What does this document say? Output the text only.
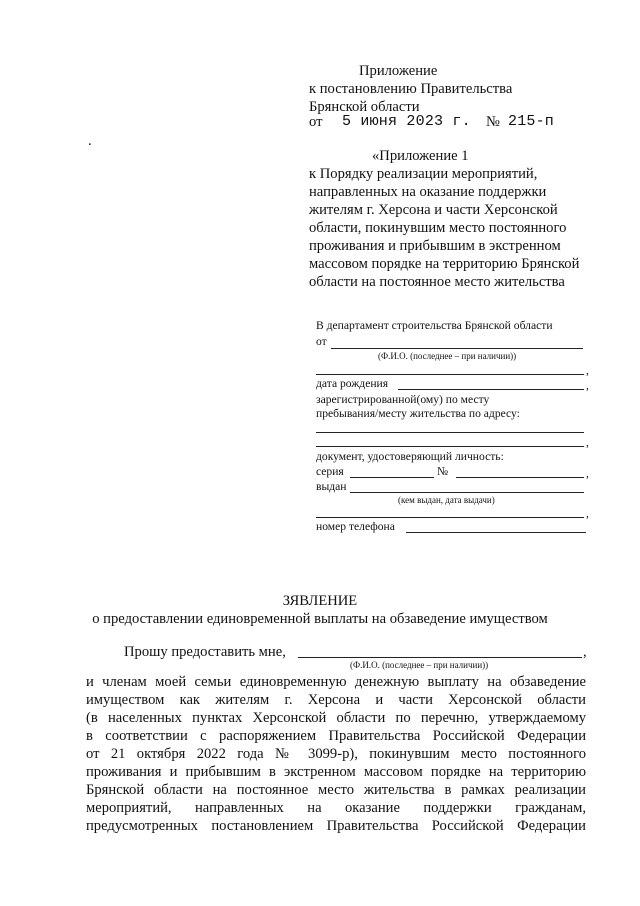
Приложение
к постановлению Правительства
Брянской области
от 5 июня 2023 г. № 215-п
.
«Приложение 1
к Порядку реализации мероприятий,
направленных на оказание поддержки
жителям г. Херсона и части Херсонской
области, покинувшим место постоянного
проживания и прибывшим в экстренном
массовом порядке на территорию Брянской
области на постоянное место жительства
В департамент строительства Брянской области
от
(Ф.И.О. (последнее – при наличии))
,
дата рождения	,
зарегистрированной(ому) по месту
пребывания/месту жительства по адресу:
,
документ, удостоверяющий личность:
серия	№	,
выдан
(кем выдан, дата выдачи)
,
номер телефона
ЗЯВЛЕНИЕ
о предоставлении единовременной выплаты на обзаведение имуществом
Прошу предоставить мне,	,
(Ф.И.О. (последнее – при наличии))
и членам моей семьи единовременную денежную выплату на обзаведение
имуществом как жителям г. Херсона и части Херсонской области
(в населенных пунктах Херсонской области по перечню, утверждаемому
в соответствии с распоряжением Правительства Российской Федерации
от 21 октября 2022 года № 3099-р), покинувшим место постоянного
проживания и прибывшим в экстренном массовом порядке на территорию
Брянской области на постоянное место жительства в рамках реализации
мероприятий, направленных на оказание поддержки гражданам,
предусмотренных постановлением Правительства Российской Федерации
